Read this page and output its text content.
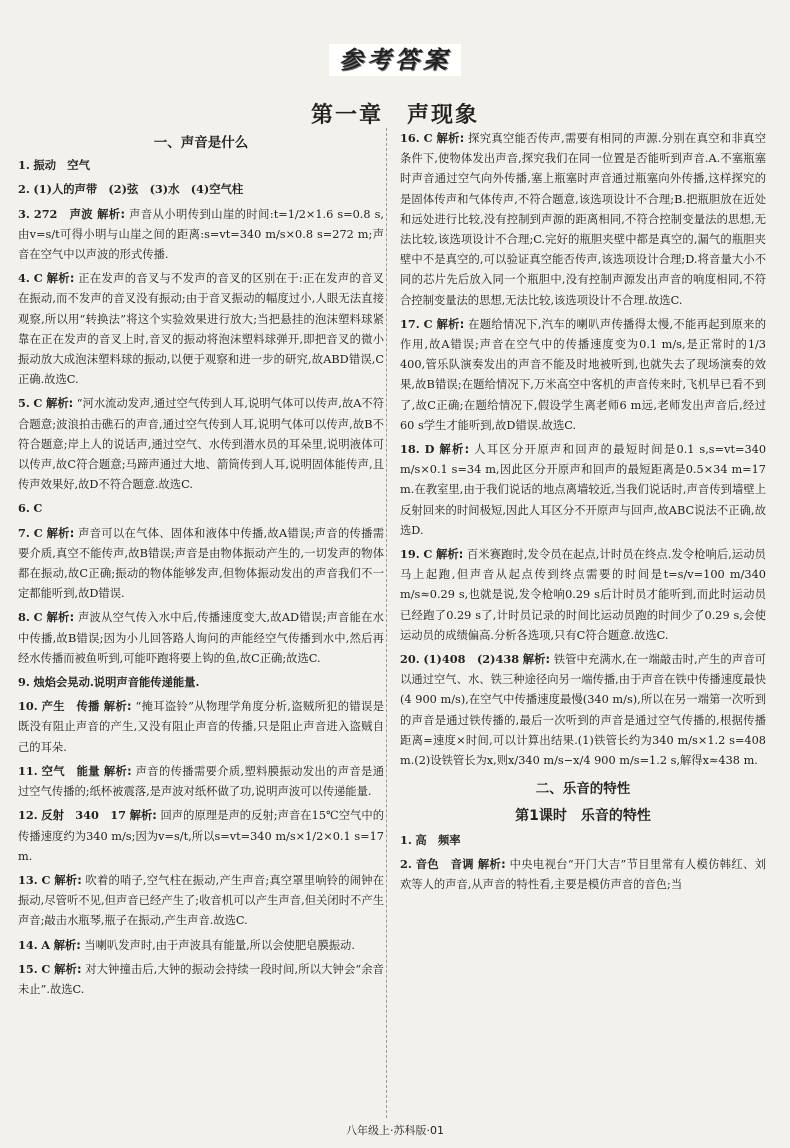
参考答案
第一章 声现象
一、声音是什么
1. 振动　空气
2. (1)人的声带　(2)弦　(3)水　(4)空气柱
3. 272　声波 解析: 声音从小明传到山崖的时间:t=1/2×1.6 s=0.8 s,由v=s/t可得小明与山崖之间的距离:s=vt=340 m/s×0.8 s=272 m;声音在空气中以声波的形式传播.
4. C 解析: 正在发声的音叉与不发声的音叉的区别在于:正在发声的音叉在振动,而不发声的音叉没有振动;由于音叉振动的幅度过小,人眼无法直接观察,所以用“转换法”将这个实验效果进行放大;当把悬挂的泡沫塑料球紧靠在正在发声的音叉上时,音叉的振动将泡沫塑料球弹开,即把音叉的微小振动放大成泡沫塑料球的振动,以便于观察和进一步的研究,故ABD错误,C正确.故选C.
5. C 解析: “河水流动发声,通过空气传到人耳,说明气体可以传声,故A不符合题意;波浪拍击礁石的声音,通过空气传到人耳,说明气体可以传声,故B不符合题意;岸上人的说话声,通过空气、水传到潜水员的耳朵里,说明液体可以传声,故C符合题意;马蹄声通过大地、箭筒传到人耳,说明固体能传声,且传声效果好,故D不符合题意.故选C.
6. C
7. C 解析: 声音可以在气体、固体和液体中传播,故A错误;声音的传播需要介质,真空不能传声,故B错误;声音是由物体振动产生的,一切发声的物体都在振动,故C正确;振动的物体能够发声,但物体振动发出的声音我们不一定都能听到,故D错误.
8. C 解析: 声波从空气传入水中后,传播速度变大,故AD错误;声音能在水中传播,故B错误;因为小儿回答路人询问的声能经空气传播到水中,然后再经水传播而被鱼听到,可能吓跑将要上钩的鱼,故C正确;故选C.
9. 烛焰会晃动.说明声音能传递能量.
10. 产生　传播 解析: “掩耳盗铃”从物理学角度分析,盗贼所犯的错误是既没有阻止声音的产生,又没有阻止声音的传播,只是阻止声音进入盗贼自己的耳朵.
11. 空气　能量 解析: 声音的传播需要介质,塑料膜振动发出的声音是通过空气传播的;纸杯被震落,是声波对纸杯做了功,说明声波可以传递能量.
12. 反射　340　17 解析: 回声的原理是声的反射;声音在15℃空气中的传播速度约为340 m/s;因为v=s/t,所以s=vt=340 m/s×1/2×0.1 s=17 m.
13. C 解析: 吹着的哨子,空气柱在振动,产生声音;真空罩里响铃的闹钟在振动,尽管听不见,但声音已经产生了;收音机可以产生声音,但关闭时不产生声音;敲击水瓶琴,瓶子在振动,产生声音.故选C.
14. A 解析: 当喇叭发声时,由于声波具有能量,所以会使肥皂膜振动.
15. C 解析: 对大钟撞击后,大钟的振动会持续一段时间,所以大钟会“余音未止”.故选C.
16. C 解析: 探究真空能否传声,需要有相同的声源.分别在真空和非真空条件下,使物体发出声音,探究我们在同一位置是否能听到声音.A.不塞瓶塞时声音通过空气向外传播,塞上瓶塞时声音通过瓶塞向外传播,这样探究的是固体传声和气体传声,不符合题意,该选项设计不合理;B.把瓶胆放在近处和远处进行比较,没有控制到声源的距离相同,不符合控制变量法的思想,无法比较,该选项设计不合理;C.完好的瓶胆夹壁中都是真空的,漏气的瓶胆夹壁中不是真空的,可以验证真空能否传声,该选项设计合理;D.将音量大小不同的芯片先后放入同一个瓶胆中,没有控制声源发出声音的响度相同,不符合控制变量法的思想,无法比较,该选项设计不合理.故选C.
17. C 解析: 在题给情况下,汽车的喇叭声传播得太慢,不能再起到原来的作用,故A错误;声音在空气中的传播速度变为0.1 m/s,是正常时的1/3 400,管乐队演奏发出的声音不能及时地被听到,也就失去了现场演奏的效果,故B错误;在题给情况下,万米高空中客机的声音传来时,飞机早已看不到了,故C正确;在题给情况下,假设学生离老师6 m远,老师发出声音后,经过60 s学生才能听到,故D错误.故选C.
18. D 解析: 人耳区分开原声和回声的最短时间是0.1 s,s=vt=340 m/s×0.1 s=34 m,因此区分开原声和回声的最短距离是0.5×34 m=17 m.在教室里,由于我们说话的地点离墙较近,当我们说话时,声音传到墙壁上反射回来的时间极短,因此人耳区分不开原声与回声,故ABC说法不正确,故选D.
19. C 解析: 百米赛跑时,发令员在起点,计时员在终点.发令枪响后,运动员马上起跑,但声音从起点传到终点需要的时间是t=s/v=100 m/340 m/s≈0.29 s,也就是说,发令枪响0.29 s后计时员才能听到,而此时运动员已经跑了0.29 s了,计时员记录的时间比运动员跑的时间少了0.29 s,会使运动员的成绩偏高.分析各选项,只有C符合题意.故选C.
20. (1)408　(2)438 解析: 铁管中充满水,在一端敲击时,产生的声音可以通过空气、水、铁三种途径向另一端传播,由于声音在铁中传播速度最快(4 900 m/s),在空气中传播速度最慢(340 m/s),所以在另一端第一次听到的声音是通过铁传播的,最后一次听到的声音是通过空气传播的,根据传播距离=速度×时间,可以计算出结果.(1)铁管长约为340 m/s×1.2 s=408 m.(2)设铁管长为x,则x/340 m/s−x/4 900 m/s=1.2 s,解得x≈438 m.
二、乐音的特性
第1课时　乐音的特性
1. 高　频率
2. 音色　音调 解析: 中央电视台“开门大吉”节目里常有人模仿韩红、刘欢等人的声音,从声音的特性看,主要是模仿声音的音色;当
八年级上·苏科版·01
